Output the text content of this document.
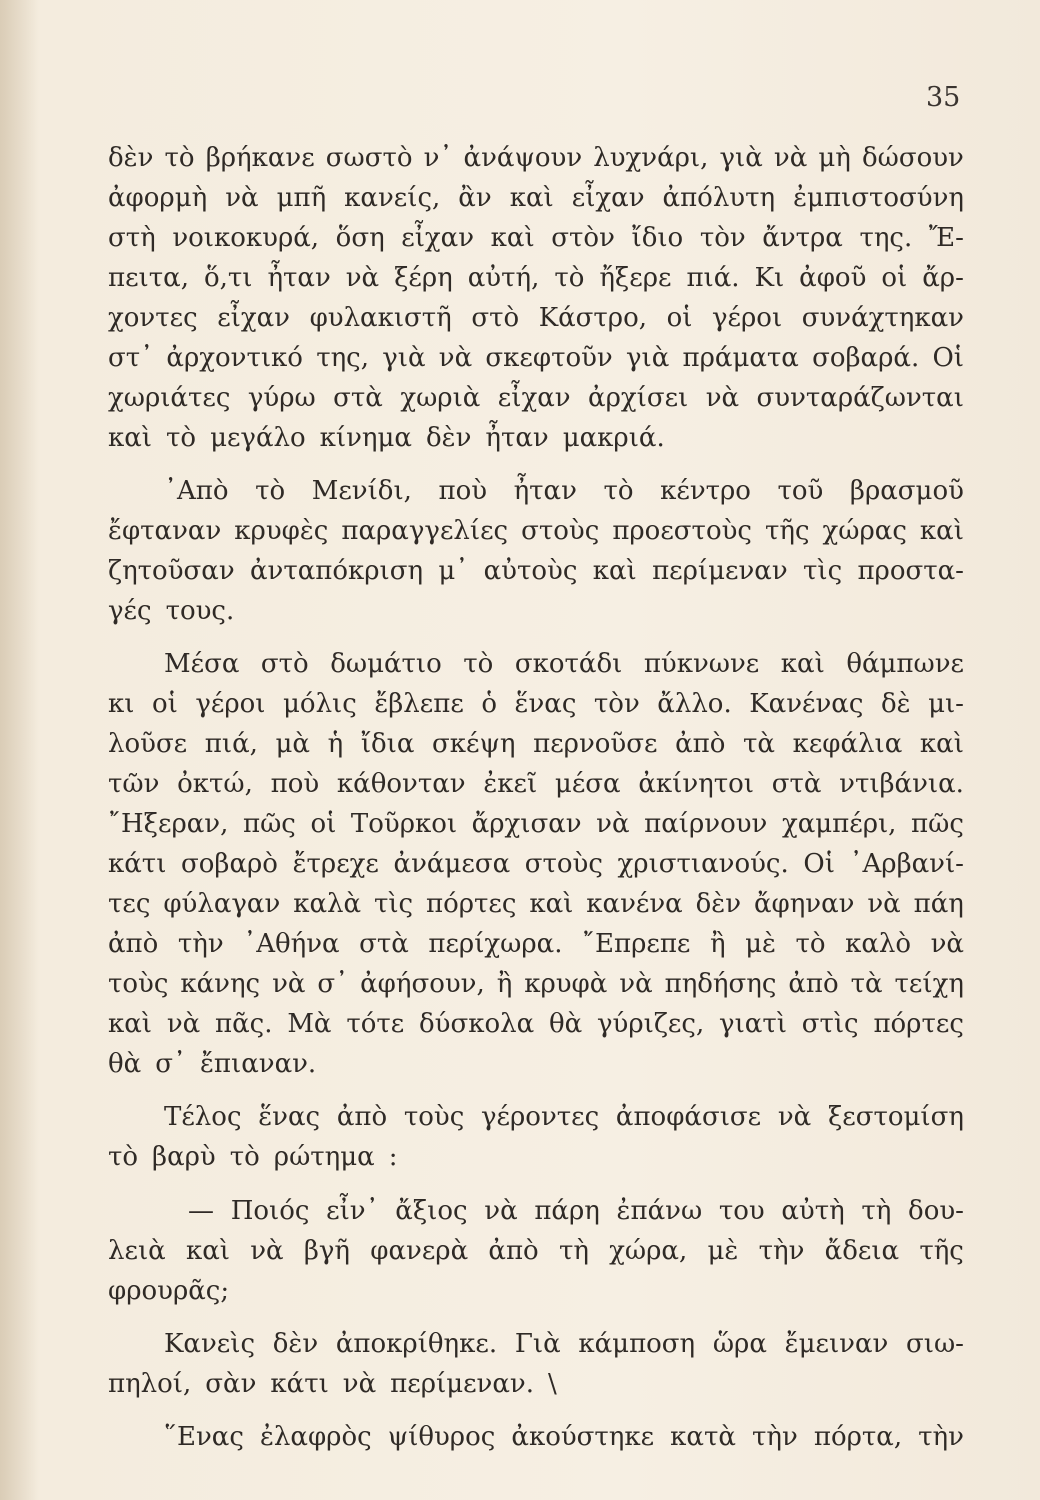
35
δὲν τὸ βρήκανε σωστὸ ν᾽ ἀνάψουν λυχνάρι, γιὰ νὰ μὴ δώσουν
ἀφορμὴ νὰ μπῆ κανείς, ἂν καὶ εἶχαν ἀπόλυτη ἐμπιστοσύνη
στὴ νοικοκυρά, ὅση εἶχαν καὶ στὸν ἴδιο τὸν ἄντρα της. Ἔ-
πειτα, ὅ,τι ἦταν νὰ ξέρη αὐτή, τὸ ἤξερε πιά. Κι ἀφοῦ οἱ ἄρ-
χοντες εἶχαν φυλακιστῆ στὸ Κάστρο, οἱ γέροι συνάχτηκαν
στ᾽ ἀρχοντικό της, γιὰ νὰ σκεφτοῦν γιὰ πράματα σοβαρά. Οἱ
χωριάτες γύρω στὰ χωριὰ εἶχαν ἀρχίσει νὰ συνταράζωνται
καὶ τὸ μεγάλο κίνημα δὲν ἦταν μακριά.
᾿Απὸ τὸ Μενίδι, ποὺ ἦταν τὸ κέντρο τοῦ βρασμοῦ
ἔφταναν κρυφὲς παραγγελίες στοὺς προεστοὺς τῆς χώρας καὶ
ζητοῦσαν ἀνταπόκριση μ᾽ αὐτοὺς καὶ περίμεναν τὶς προστα-
γές τους.
Μέσα στὸ δωμάτιο τὸ σκοτάδι πύκνωνε καὶ θάμπωνε
κι οἱ γέροι μόλις ἔβλεπε ὁ ἕνας τὸν ἄλλο. Κανένας δὲ μι-
λοῦσε πιά, μὰ ἡ ἴδια σκέψη περνοῦσε ἀπὸ τὰ κεφάλια καὶ
τῶν ὀκτώ, ποὺ κάθονταν ἐκεῖ μέσα ἀκίνητοι στὰ ντιβάνια.
῎Ηξεραν, πῶς οἱ Τοῦρκοι ἄρχισαν νὰ παίρνουν χαμπέρι, πῶς
κάτι σοβαρὸ ἔτρεχε ἀνάμεσα στοὺς χριστιανούς. Οἱ ᾿Αρβανί-
τες φύλαγαν καλὰ τὶς πόρτες καὶ κανένα δὲν ἄφηναν νὰ πάη
ἀπὸ τὴν ᾿Αθήνα στὰ περίχωρα. ῎Επρεπε ἢ μὲ τὸ καλὸ νὰ
τοὺς κάνης νὰ σ᾽ ἀφήσουν, ἢ κρυφὰ νὰ πηδήσης ἀπὸ τὰ τείχη
καὶ νὰ πᾶς. Μὰ τότε δύσκολα θὰ γύριζες, γιατὶ στὶς πόρτες
θὰ σ᾽ ἔπιαναν.
Τέλος ἕνας ἀπὸ τοὺς γέροντες ἀποφάσισε νὰ ξεστομίση
τὸ βαρὺ τὸ ρώτημα :
— Ποιός εἶν᾽ ἄξιος νὰ πάρη ἐπάνω του αὐτὴ τὴ δου-
λειὰ καὶ νὰ βγῆ φανερὰ ἀπὸ τὴ χώρα, μὲ τὴν ἄδεια τῆς
φρουρᾶς;
Κανεὶς δὲν ἀποκρίθηκε. Γιὰ κάμποση ὥρα ἔμειναν σιω-
πηλοί, σὰν κάτι νὰ περίμεναν. \
῞Ενας ἐλαφρὸς ψίθυρος ἀκούστηκε κατὰ τὴν πόρτα, τὴν
